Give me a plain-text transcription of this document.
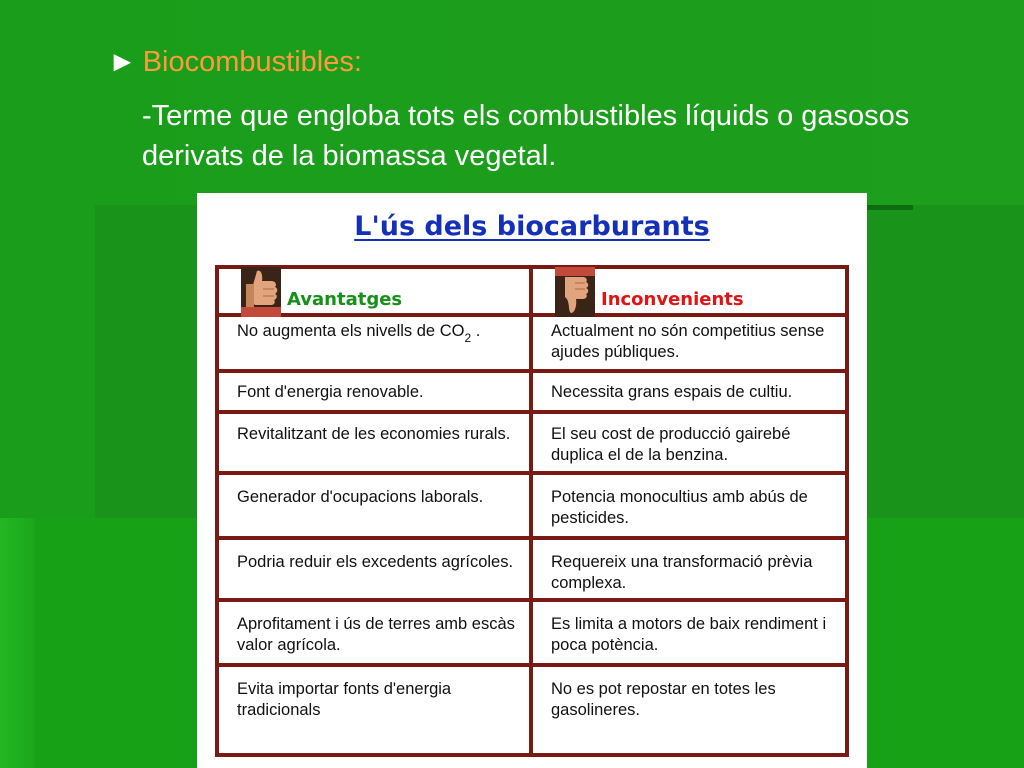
► Biocombustibles:
-Terme que engloba tots els combustibles líquids o gasosos derivats de la biomassa vegetal.
L'ús dels biocarburants
Avantatges	Inconvenients

No augmenta els nivells de $CO_2$ .	Actualment no són competitius sense ajudes públiques.
Font d'energia renovable.	Necessita grans espais de cultiu.
Revitalitzant de les economies rurals.	El seu cost de producció gairebé duplica el de la benzina.
Generador d'ocupacions laborals.	Potencia monocultius amb abús de pesticides.
Podria reduir els excedents agrícoles.	Requereix una transformació prèvia complexa.
Aprofitament i ús de terres amb escàs valor agrícola.	Es limita a motors de baix rendiment i poca potència.
Evita importar fonts d'energia tradicionals	No es pot repostar en totes les gasolineres.
